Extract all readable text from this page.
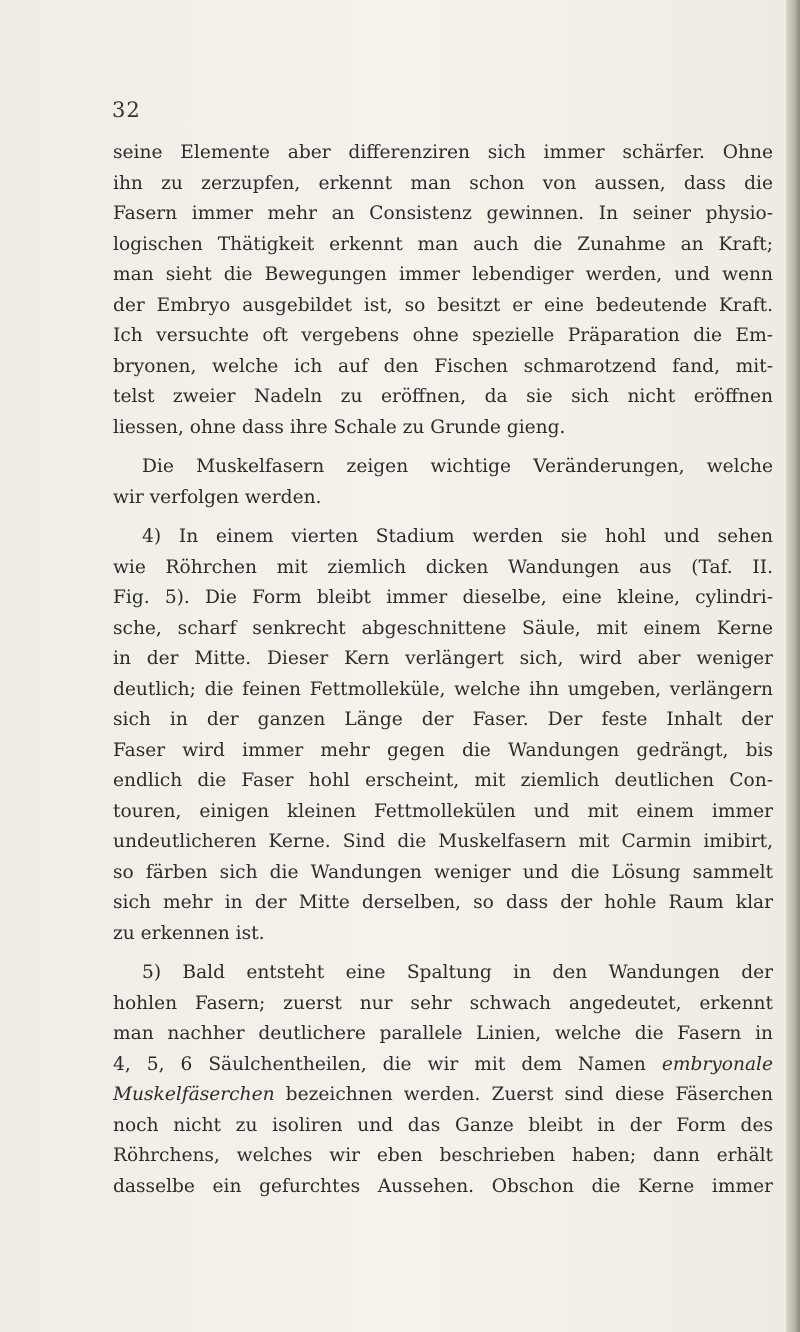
32

seine Elemente aber differenziren sich immer schärfer. Ohne
ihn zu zerzupfen, erkennt man schon von aussen, dass die
Fasern immer mehr an Consistenz gewinnen. In seiner physio-
logischen Thätigkeit erkennt man auch die Zunahme an Kraft;
man sieht die Bewegungen immer lebendiger werden, und wenn
der Embryo ausgebildet ist, so besitzt er eine bedeutende Kraft.
Ich versuchte oft vergebens ohne spezielle Präparation die Em-
bryonen, welche ich auf den Fischen schmarotzend fand, mit-
telst zweier Nadeln zu eröffnen, da sie sich nicht eröffnen
liessen, ohne dass ihre Schale zu Grunde gieng.

Die Muskelfasern zeigen wichtige Veränderungen, welche
wir verfolgen werden.

4) In einem vierten Stadium werden sie hohl und sehen
wie Röhrchen mit ziemlich dicken Wandungen aus (Taf. II.
Fig. 5). Die Form bleibt immer dieselbe, eine kleine, cylindri-
sche, scharf senkrecht abgeschnittene Säule, mit einem Kerne
in der Mitte. Dieser Kern verlängert sich, wird aber weniger
deutlich; die feinen Fettmolleküle, welche ihn umgeben, verlängern
sich in der ganzen Länge der Faser. Der feste Inhalt der
Faser wird immer mehr gegen die Wandungen gedrängt, bis
endlich die Faser hohl erscheint, mit ziemlich deutlichen Con-
touren, einigen kleinen Fettmollekülen und mit einem immer
undeutlicheren Kerne. Sind die Muskelfasern mit Carmin imibirt,
so färben sich die Wandungen weniger und die Lösung sammelt
sich mehr in der Mitte derselben, so dass der hohle Raum klar
zu erkennen ist.

5) Bald entsteht eine Spaltung in den Wandungen der
hohlen Fasern; zuerst nur sehr schwach angedeutet, erkennt
man nachher deutlichere parallele Linien, welche die Fasern in
4, 5, 6 Säulchentheilen, die wir mit dem Namen embryonale
Muskelfäserchen bezeichnen werden. Zuerst sind diese Fäserchen
noch nicht zu isoliren und das Ganze bleibt in der Form des
Röhrchens, welches wir eben beschrieben haben; dann erhält
dasselbe ein gefurchtes Aussehen. Obschon die Kerne immer
